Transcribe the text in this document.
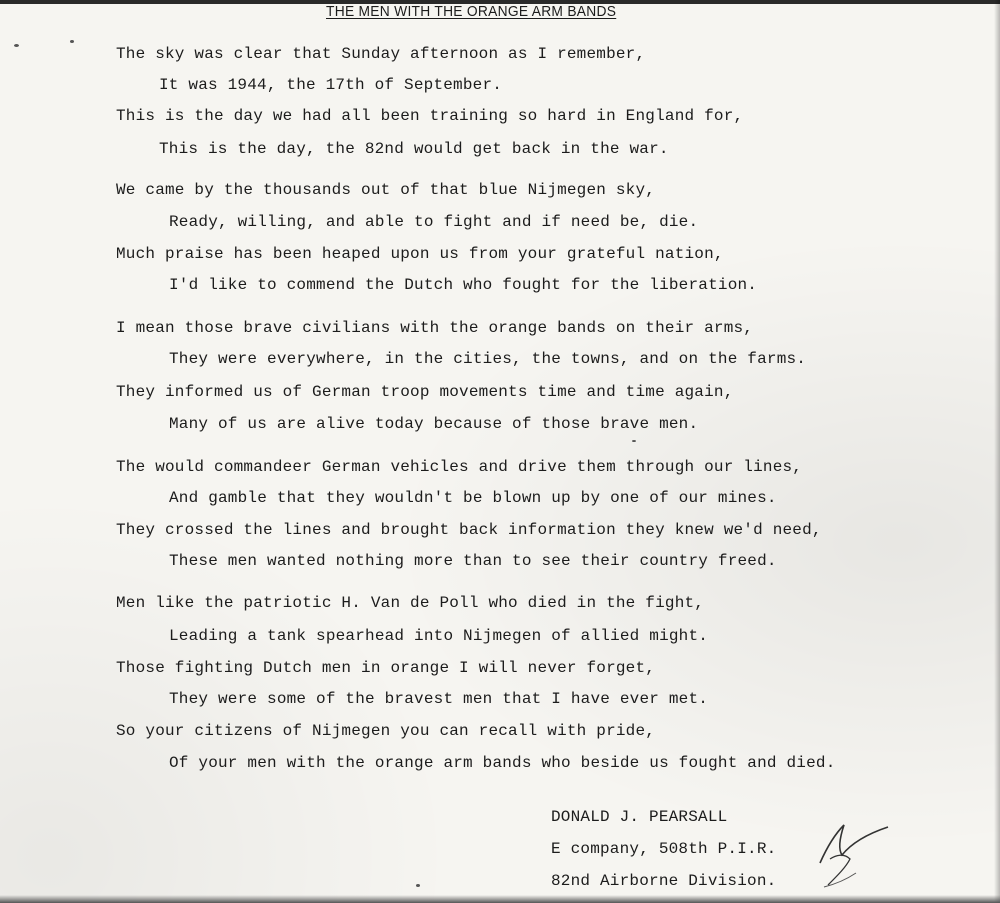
THE MEN WITH THE ORANGE ARM BANDS

The sky was clear that Sunday afternoon as I remember,

It was 1944, the 17th of September.

This is the day we had all been training so hard in England for,

This is the day, the 82nd would get back in the war.

We came by the thousands out of that blue Nijmegen sky,

Ready, willing, and able to fight and if need be, die.

Much praise has been heaped upon us from your grateful nation,

I'd like to commend the Dutch who fought for the liberation.

I mean those brave civilians with the orange bands on their arms,

They were everywhere, in the cities, the towns, and on the farms.

They informed us of German troop movements time and time again,

Many of us are alive today because of those brave men.

The would commandeer German vehicles and drive them through our lines,

And gamble that they wouldn't be blown up by one of our mines.

They crossed the lines and brought back information they knew we'd need,

These men wanted nothing more than to see their country freed.

Men like the patriotic H. Van de Poll who died in the fight,

Leading a tank spearhead into Nijmegen of allied might.

Those fighting Dutch men in orange I will never forget,

They were some of the bravest men that I have ever met.

So your citizens of Nijmegen you can recall with pride,

Of your men with the orange arm bands who beside us fought and died.

DONALD J. PEARSALL
E company, 508th P.I.R.
82nd Airborne Division.
